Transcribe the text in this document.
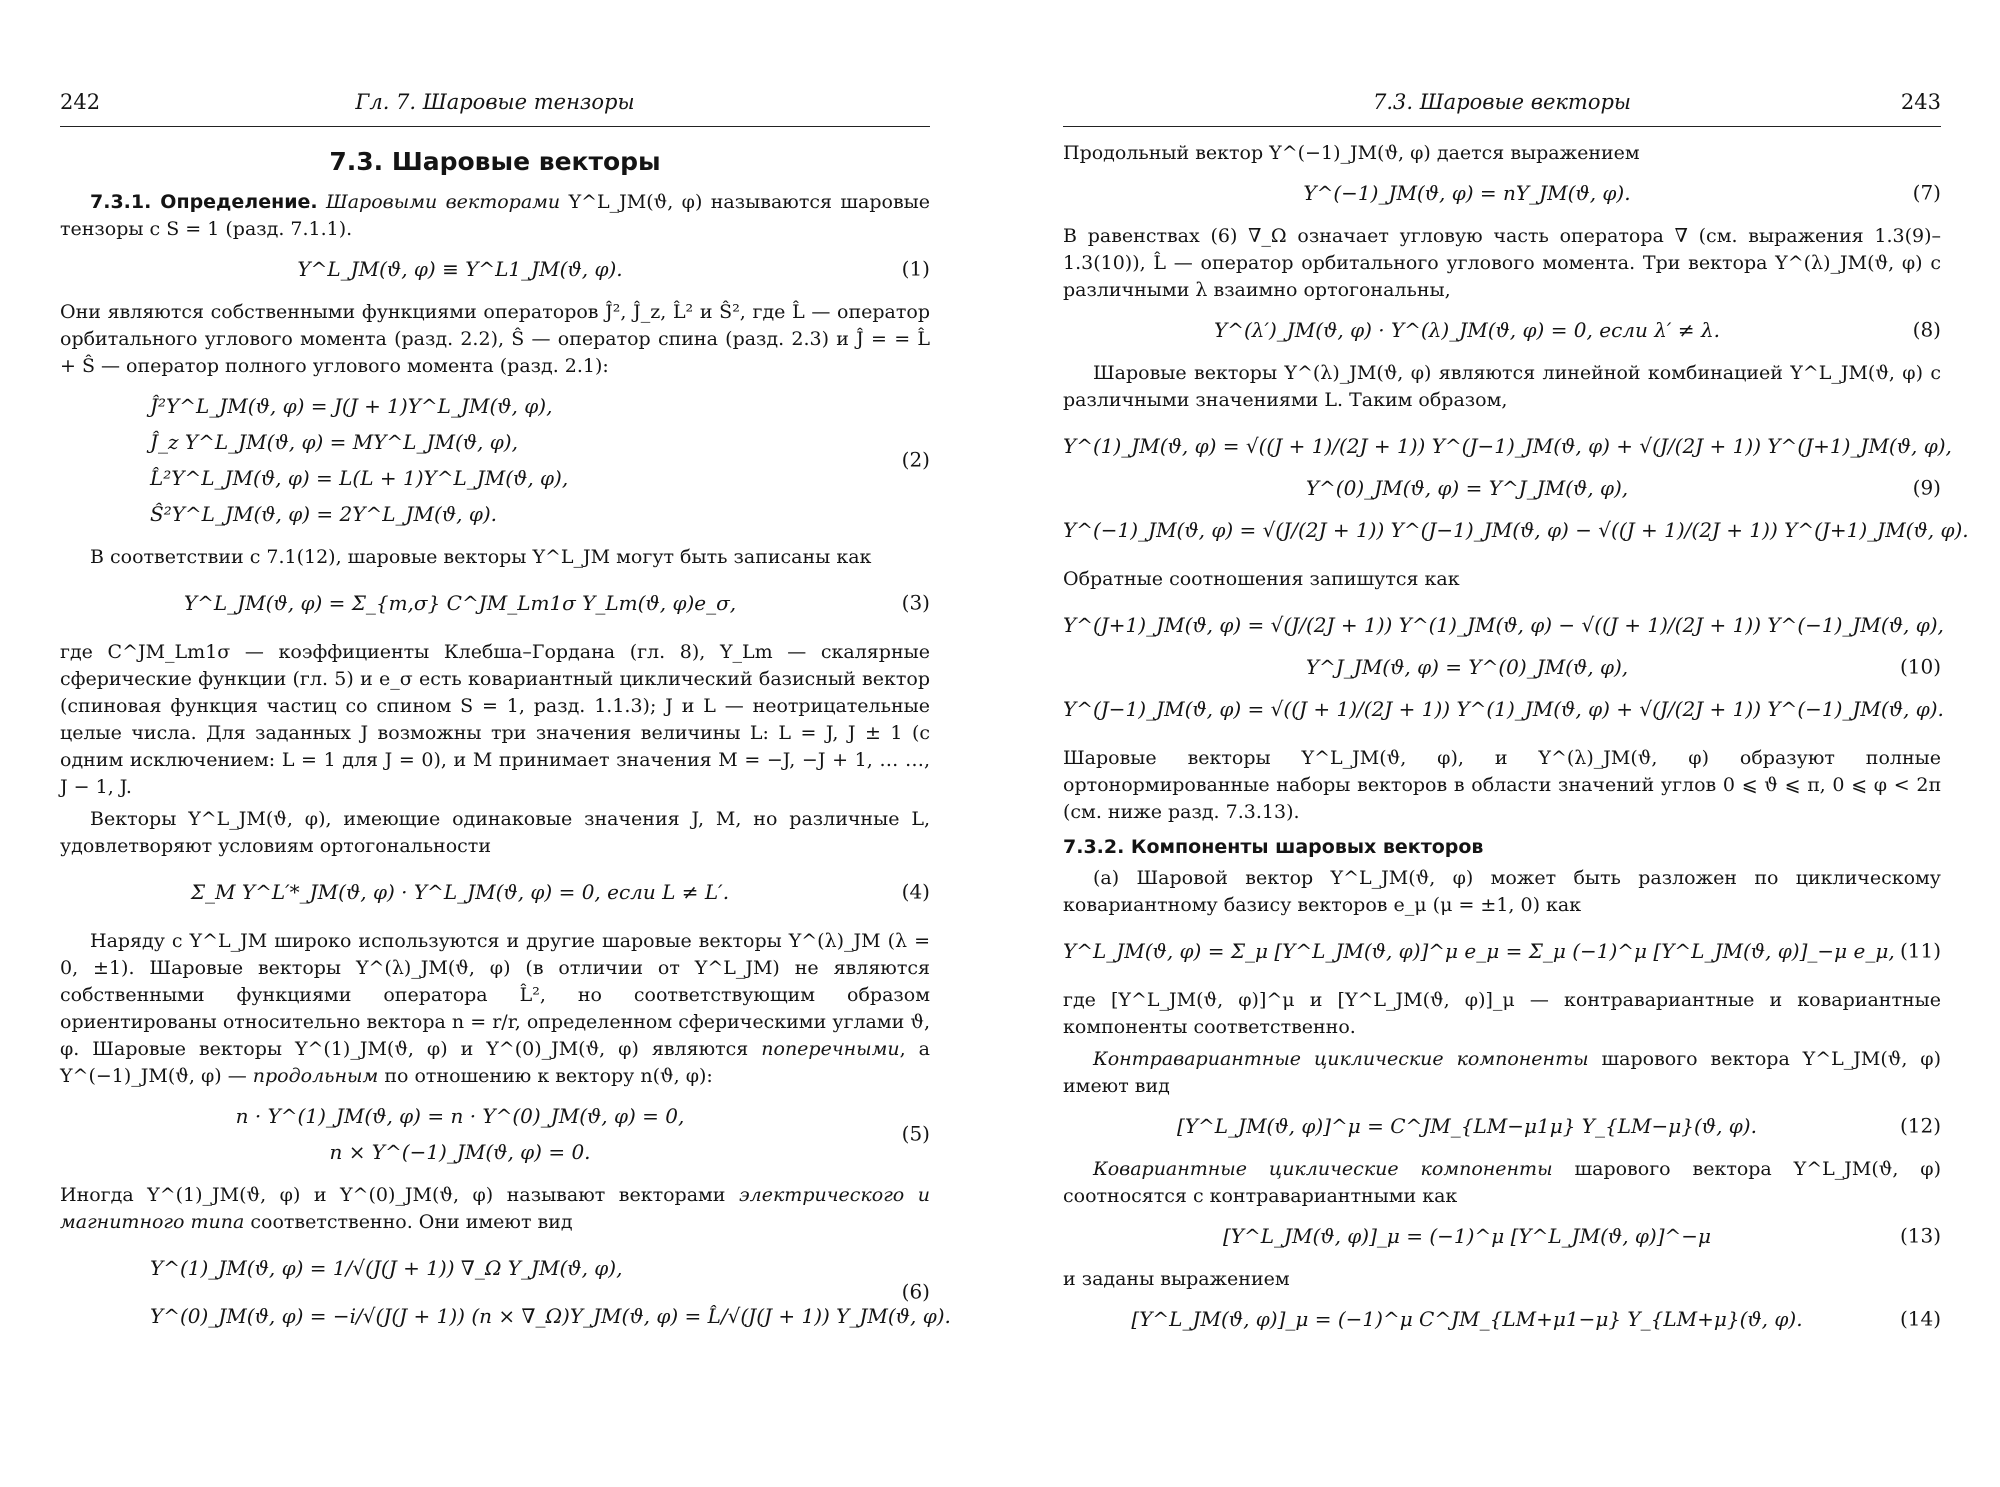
242	Гл. 7. Шаровые тензоры
7.3. Шаровые векторы

7.3.1. Определение. Шаровыми векторами Y^L_JM(ϑ, φ) называются шаровые тензоры с S = 1 (разд. 7.1.1).

Y^L_JM(ϑ, φ) ≡ Y^L1_JM(ϑ, φ).	(1)

Они являются собственными функциями операторов Ĵ², Ĵ_z, L̂² и Ŝ², где L̂ — оператор орбитального углового момента (разд. 2.2), Ŝ — оператор спина (разд. 2.3) и Ĵ = = L̂ + Ŝ — оператор полного углового момента (разд. 2.1):

Ĵ²Y^L_JM(ϑ, φ) = J(J + 1)Y^L_JM(ϑ, φ),
Ĵ_z Y^L_JM(ϑ, φ) = MY^L_JM(ϑ, φ),
L̂²Y^L_JM(ϑ, φ) = L(L + 1)Y^L_JM(ϑ, φ),
Ŝ²Y^L_JM(ϑ, φ) = 2Y^L_JM(ϑ, φ).
(2)

В соответствии с 7.1(12), шаровые векторы Y^L_JM могут быть записаны как

Y^L_JM(ϑ, φ) = Σ_{m,σ} C^JM_Lm1σ Y_Lm(ϑ, φ)e_σ,	(3)

где C^JM_Lm1σ — коэффициенты Клебша–Гордана (гл. 8), Y_Lm — скалярные сферические функции (гл. 5) и e_σ есть ковариантный циклический базисный вектор (спиновая функция частиц со спином S = 1, разд. 1.1.3); J и L — неотрицательные целые числа. Для заданных J возможны три значения величины L: L = J, J ± 1 (с одним исключением: L = 1 для J = 0), и M принимает значения M = −J, −J + 1, … …, J − 1, J.

Векторы Y^L_JM(ϑ, φ), имеющие одинаковые значения J, M, но различные L, удовлетворяют условиям ортогональности

Σ_M Y^L′*_JM(ϑ, φ) · Y^L_JM(ϑ, φ) = 0, если L ≠ L′.	(4)

Наряду с Y^L_JM широко используются и другие шаровые векторы Y^(λ)_JM (λ = 0, ±1). Шаровые векторы Y^(λ)_JM(ϑ, φ) (в отличии от Y^L_JM) не являются собственными функциями оператора L̂², но соответствующим образом ориентированы относительно вектора n = r/r, определенном сферическими углами ϑ, φ. Шаровые векторы Y^(1)_JM(ϑ, φ) и Y^(0)_JM(ϑ, φ) являются поперечными, а Y^(−1)_JM(ϑ, φ) — продольным по отношению к вектору n(ϑ, φ):

n · Y^(1)_JM(ϑ, φ) = n · Y^(0)_JM(ϑ, φ) = 0,
n × Y^(−1)_JM(ϑ, φ) = 0.
(5)

Иногда Y^(1)_JM(ϑ, φ) и Y^(0)_JM(ϑ, φ) называют векторами электрического и магнитного типа соответственно. Они имеют вид

Y^(1)_JM(ϑ, φ) = 1/√(J(J + 1)) ∇_Ω Y_JM(ϑ, φ),
Y^(0)_JM(ϑ, φ) = −i/√(J(J + 1)) (n × ∇_Ω)Y_JM(ϑ, φ) = L̂/√(J(J + 1)) Y_JM(ϑ, φ).
(6)
7.3. Шаровые векторы	243

Продольный вектор Y^(−1)_JM(ϑ, φ) дается выражением

Y^(−1)_JM(ϑ, φ) = nY_JM(ϑ, φ).	(7)

В равенствах (6) ∇_Ω означает угловую часть оператора ∇ (см. выражения 1.3(9)–1.3(10)), L̂ — оператор орбитального углового момента. Три вектора Y^(λ)_JM(ϑ, φ) с различными λ взаимно ортогональны,

Y^(λ′)_JM(ϑ, φ) · Y^(λ)_JM(ϑ, φ) = 0, если λ′ ≠ λ.	(8)

Шаровые векторы Y^(λ)_JM(ϑ, φ) являются линейной комбинацией Y^L_JM(ϑ, φ) с различными значениями L. Таким образом,

Y^(1)_JM(ϑ, φ) = √((J + 1)/(2J + 1)) Y^(J−1)_JM(ϑ, φ) + √(J/(2J + 1)) Y^(J+1)_JM(ϑ, φ),
Y^(0)_JM(ϑ, φ) = Y^J_JM(ϑ, φ),
Y^(−1)_JM(ϑ, φ) = √(J/(2J + 1)) Y^(J−1)_JM(ϑ, φ) − √((J + 1)/(2J + 1)) Y^(J+1)_JM(ϑ, φ).
(9)

Обратные соотношения запишутся как

Y^(J+1)_JM(ϑ, φ) = √(J/(2J + 1)) Y^(1)_JM(ϑ, φ) − √((J + 1)/(2J + 1)) Y^(−1)_JM(ϑ, φ),
Y^J_JM(ϑ, φ) = Y^(0)_JM(ϑ, φ),
Y^(J−1)_JM(ϑ, φ) = √((J + 1)/(2J + 1)) Y^(1)_JM(ϑ, φ) + √(J/(2J + 1)) Y^(−1)_JM(ϑ, φ).
(10)

Шаровые векторы Y^L_JM(ϑ, φ), и Y^(λ)_JM(ϑ, φ) образуют полные ортонормированные наборы векторов в области значений углов 0 ⩽ ϑ ⩽ π, 0 ⩽ φ < 2π (см. ниже разд. 7.3.13).

7.3.2. Компоненты шаровых векторов

(а) Шаровой вектор Y^L_JM(ϑ, φ) может быть разложен по циклическому ковариантному базису векторов e_μ (μ = ±1, 0) как

Y^L_JM(ϑ, φ) = Σ_μ [Y^L_JM(ϑ, φ)]^μ e_μ = Σ_μ (−1)^μ [Y^L_JM(ϑ, φ)]_−μ e_μ, (11)

где [Y^L_JM(ϑ, φ)]^μ и [Y^L_JM(ϑ, φ)]_μ — контравариантные и ковариантные компоненты соответственно.

Контравариантные циклические компоненты шарового вектора Y^L_JM(ϑ, φ) имеют вид

[Y^L_JM(ϑ, φ)]^μ = C^JM_{LM−μ1μ} Y_{LM−μ}(ϑ, φ).	(12)

Ковариантные циклические компоненты шарового вектора Y^L_JM(ϑ, φ) соотносятся с контравариантными как

[Y^L_JM(ϑ, φ)]_μ = (−1)^μ [Y^L_JM(ϑ, φ)]^−μ	(13)

и заданы выражением

[Y^L_JM(ϑ, φ)]_μ = (−1)^μ C^JM_{LM+μ1−μ} Y_{LM+μ}(ϑ, φ).	(14)
